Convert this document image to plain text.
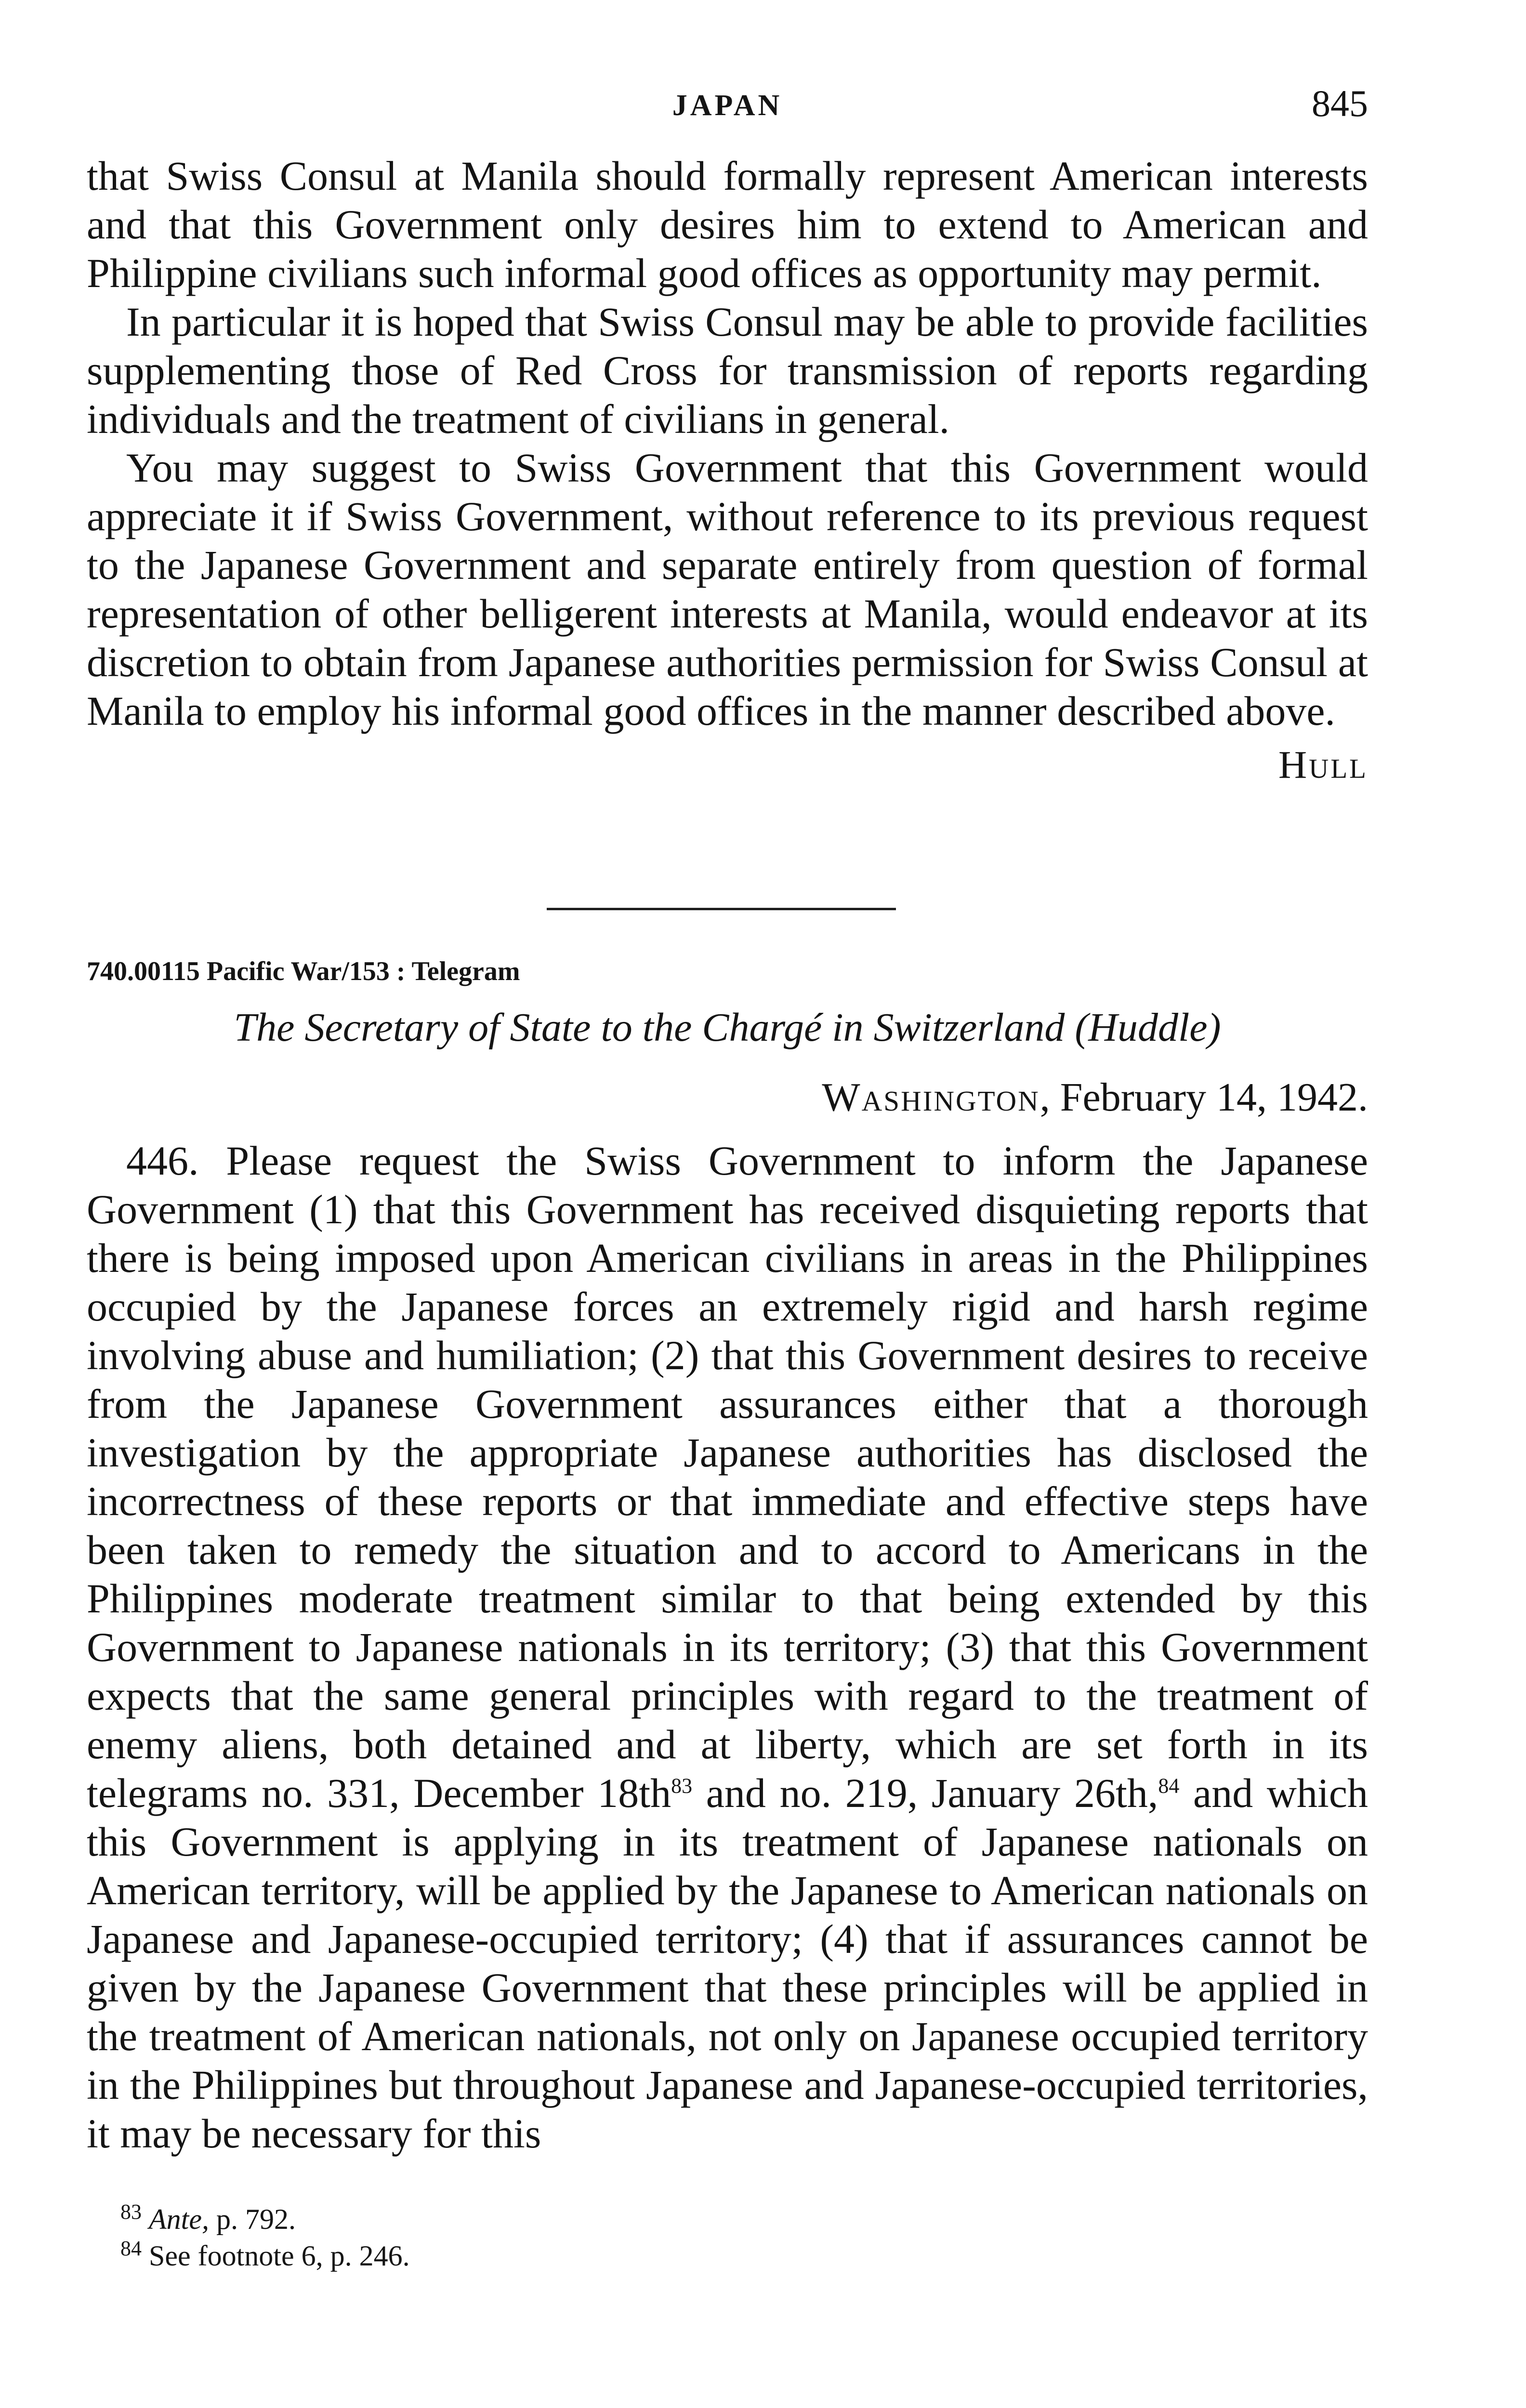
JAPAN	845

that Swiss Consul at Manila should formally represent American interests and that this Government only desires him to extend to American and Philippine civilians such informal good offices as opportunity may permit.

In particular it is hoped that Swiss Consul may be able to provide facilities supplementing those of Red Cross for transmission of reports regarding individuals and the treatment of civilians in general.

You may suggest to Swiss Government that this Government would appreciate it if Swiss Government, without reference to its previous request to the Japanese Government and separate entirely from question of formal representation of other belligerent interests at Manila, would endeavor at its discretion to obtain from Japanese authorities permission for Swiss Consul at Manila to employ his informal good offices in the manner described above.

Hull
740.00115 Pacific War/153 : Telegram
The Secretary of State to the Chargé in Switzerland (Huddle)
Washington, February 14, 1942.

446. Please request the Swiss Government to inform the Japanese Government (1) that this Government has received disquieting reports that there is being imposed upon American civilians in areas in the Philippines occupied by the Japanese forces an extremely rigid and harsh regime involving abuse and humiliation; (2) that this Government desires to receive from the Japanese Government assurances either that a thorough investigation by the appropriate Japanese authorities has disclosed the incorrectness of these reports or that immediate and effective steps have been taken to remedy the situation and to accord to Americans in the Philippines moderate treatment similar to that being extended by this Government to Japanese nationals in its territory; (3) that this Government expects that the same general principles with regard to the treatment of enemy aliens, both detained and at liberty, which are set forth in its telegrams no. 331, December $18th^{83}$ and no. 219, January 26th,$^{84}$ and which this Government is applying in its treatment of Japanese nationals on American territory, will be applied by the Japanese to American nationals on Japanese and Japanese-occupied territory; (4) that if assurances cannot be given by the Japanese Government that these principles will be applied in the treatment of American nationals, not only on Japanese occupied territory in the Philippines but throughout Japanese and Japanese-occupied territories, it may be necessary for this

$^{83}$ Ante, p. 792.
$^{84}$ See footnote 6, p. 246.
